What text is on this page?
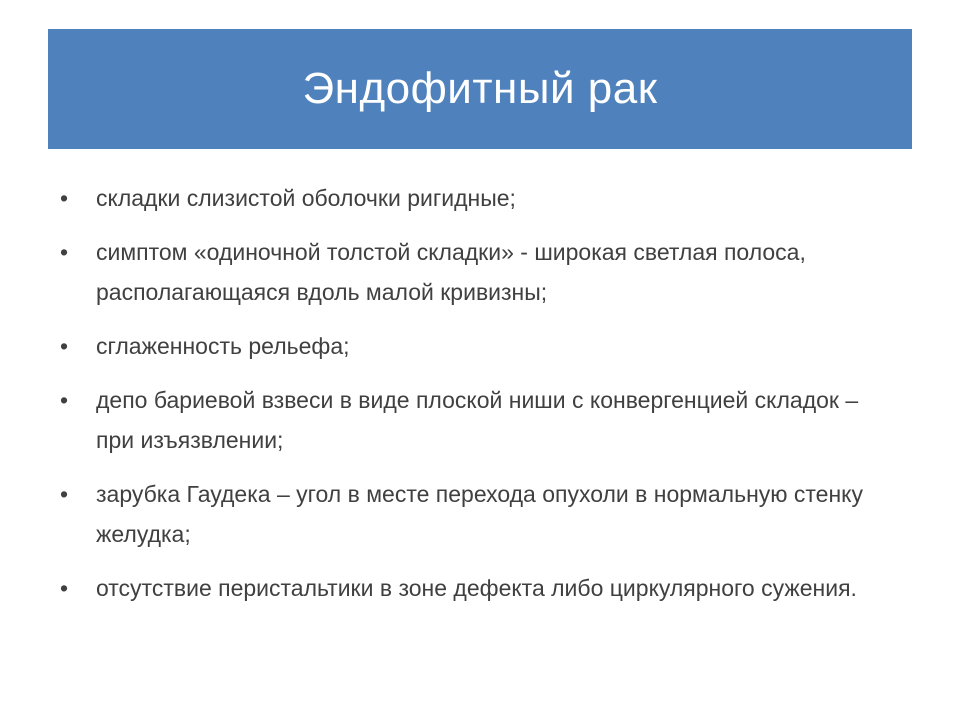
Эндофитный рак
• складки слизистой оболочки ригидные;
• симптом «одиночной толстой складки» - широкая светлая полоса, располагающаяся вдоль малой кривизны;
• сглаженность рельефа;
• депо бариевой взвеси в виде плоской ниши с конвергенцией складок – при изъязвлении;
• зарубка Гаудека – угол в месте перехода опухоли в нормальную стенку желудка;
• отсутствие перистальтики в зоне дефекта либо циркулярного сужения.
